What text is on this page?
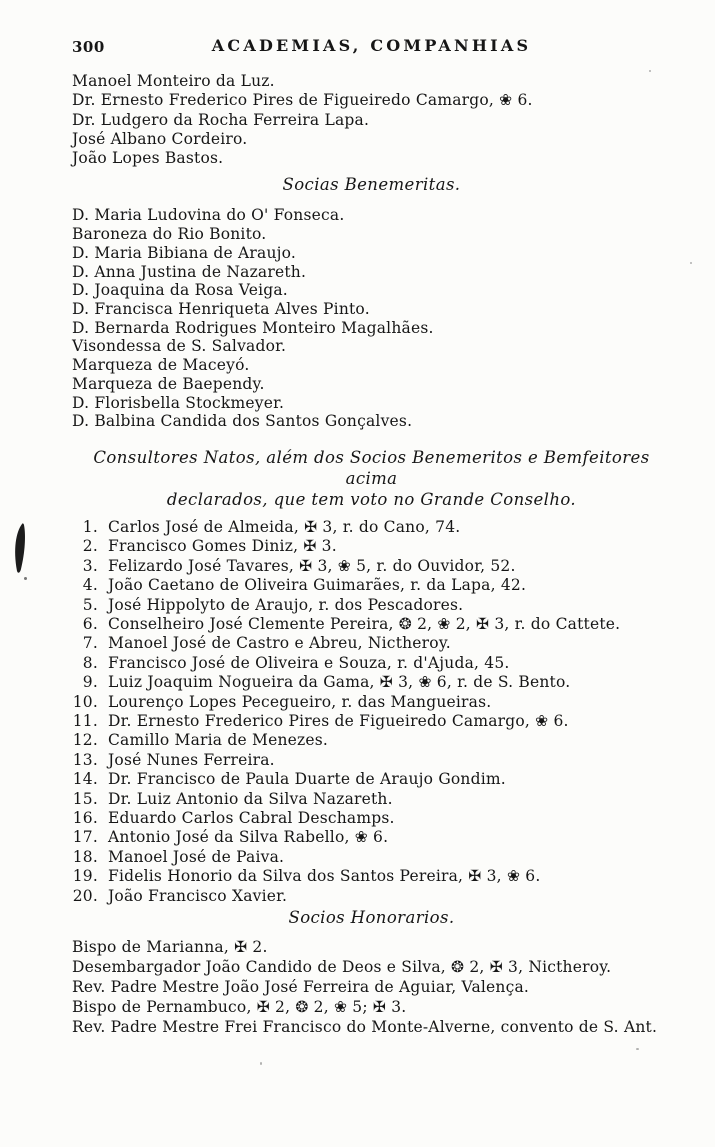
300	ACADEMIAS, COMPANHIAS
Manoel Monteiro da Luz.
Dr. Ernesto Frederico Pires de Figueiredo Camargo, ❀ 6.
Dr. Ludgero da Rocha Ferreira Lapa.
José Albano Cordeiro.
João Lopes Bastos.
Socias Benemeritas.
D. Maria Ludovina do O' Fonseca.
Baroneza do Rio Bonito.
D. Maria Bibiana de Araujo.
D. Anna Justina de Nazareth.
D. Joaquina da Rosa Veiga.
D. Francisca Henriqueta Alves Pinto.
D. Bernarda Rodrigues Monteiro Magalhães.
Visondessa de S. Salvador.
Marqueza de Maceyó.
Marqueza de Baependy.
D. Florisbella Stockmeyer.
D. Balbina Candida dos Santos Gonçalves.
Consultores Natos, além dos Socios Benemeritos e Bemfeitores acima
declarados, que tem voto no Grande Conselho.
1. Carlos José de Almeida, ✠ 3, r. do Cano, 74.
2. Francisco Gomes Diniz, ✠ 3.
3. Felizardo José Tavares, ✠ 3, ❀ 5, r. do Ouvidor, 52.
4. João Caetano de Oliveira Guimarães, r. da Lapa, 42.
5. José Hippolyto de Araujo, r. dos Pescadores.
6. Conselheiro José Clemente Pereira, ❂ 2, ❀ 2, ✠ 3, r. do Cattete.
7. Manoel José de Castro e Abreu, Nictheroy.
8. Francisco José de Oliveira e Souza, r. d'Ajuda, 45.
9. Luiz Joaquim Nogueira da Gama, ✠ 3, ❀ 6, r. de S. Bento.
10. Lourenço Lopes Pecegueiro, r. das Mangueiras.
11. Dr. Ernesto Frederico Pires de Figueiredo Camargo, ❀ 6.
12. Camillo Maria de Menezes.
13. José Nunes Ferreira.
14. Dr. Francisco de Paula Duarte de Araujo Gondim.
15. Dr. Luiz Antonio da Silva Nazareth.
16. Eduardo Carlos Cabral Deschamps.
17. Antonio José da Silva Rabello, ❀ 6.
18. Manoel José de Paiva.
19. Fidelis Honorio da Silva dos Santos Pereira, ✠ 3, ❀ 6.
20. João Francisco Xavier.
Socios Honorarios.
Bispo de Marianna, ✠ 2.
Desembargador João Candido de Deos e Silva, ❂ 2, ✠ 3, Nictheroy.
Rev. Padre Mestre João José Ferreira de Aguiar, Valença.
Bispo de Pernambuco, ✠ 2, ❂ 2, ❀ 5; ✠ 3.
Rev. Padre Mestre Frei Francisco do Monte-Alverne, convento de S. Ant.
